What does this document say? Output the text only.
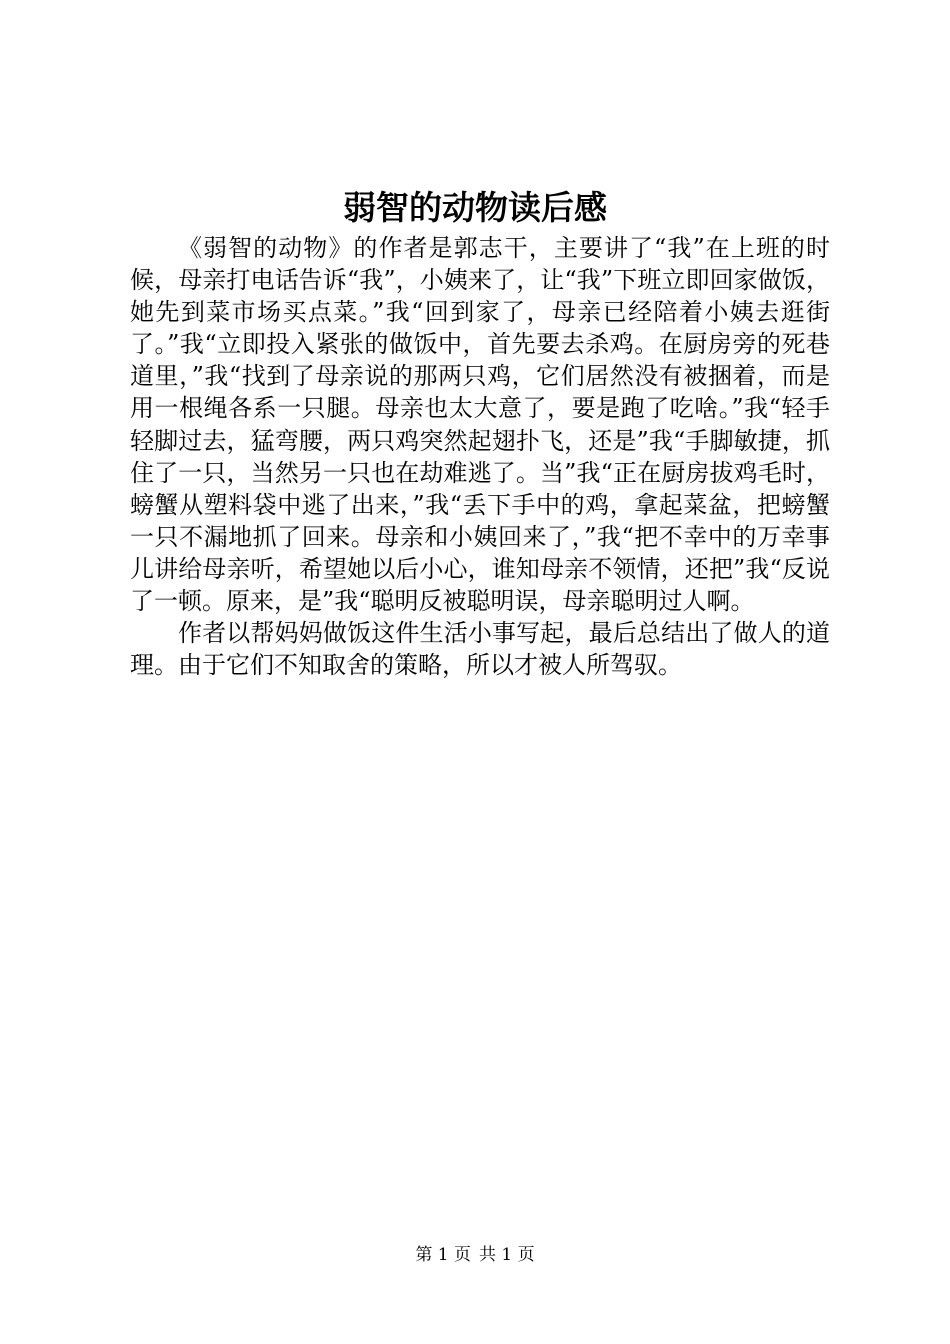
弱智的动物读后感

《弱智的动物》的作者是郭志干，主要讲了“我”在上班的时候，母亲打电话告诉“我”，小姨来了，让“我”下班立即回家做饭，她先到菜市场买点菜。”我“回到家了，母亲已经陪着小姨去逛街了。”我“立即投入紧张的做饭中，首先要去杀鸡。在厨房旁的死巷道里，”我“找到了母亲说的那两只鸡，它们居然没有被捆着，而是用一根绳各系一只腿。母亲也太大意了，要是跑了吃啥。”我“轻手轻脚过去，猛弯腰，两只鸡突然起翅扑飞，还是”我“手脚敏捷，抓住了一只，当然另一只也在劫难逃了。当”我“正在厨房拔鸡毛时，螃蟹从塑料袋中逃了出来，”我“丢下手中的鸡，拿起菜盆，把螃蟹一只不漏地抓了回来。母亲和小姨回来了，”我“把不幸中的万幸事儿讲给母亲听，希望她以后小心，谁知母亲不领情，还把”我“反说了一顿。原来，是”我“聪明反被聪明误，母亲聪明过人啊。

作者以帮妈妈做饭这件生活小事写起，最后总结出了做人的道理。由于它们不知取舍的策略，所以才被人所驾驭。

第 1 页 共 1 页
